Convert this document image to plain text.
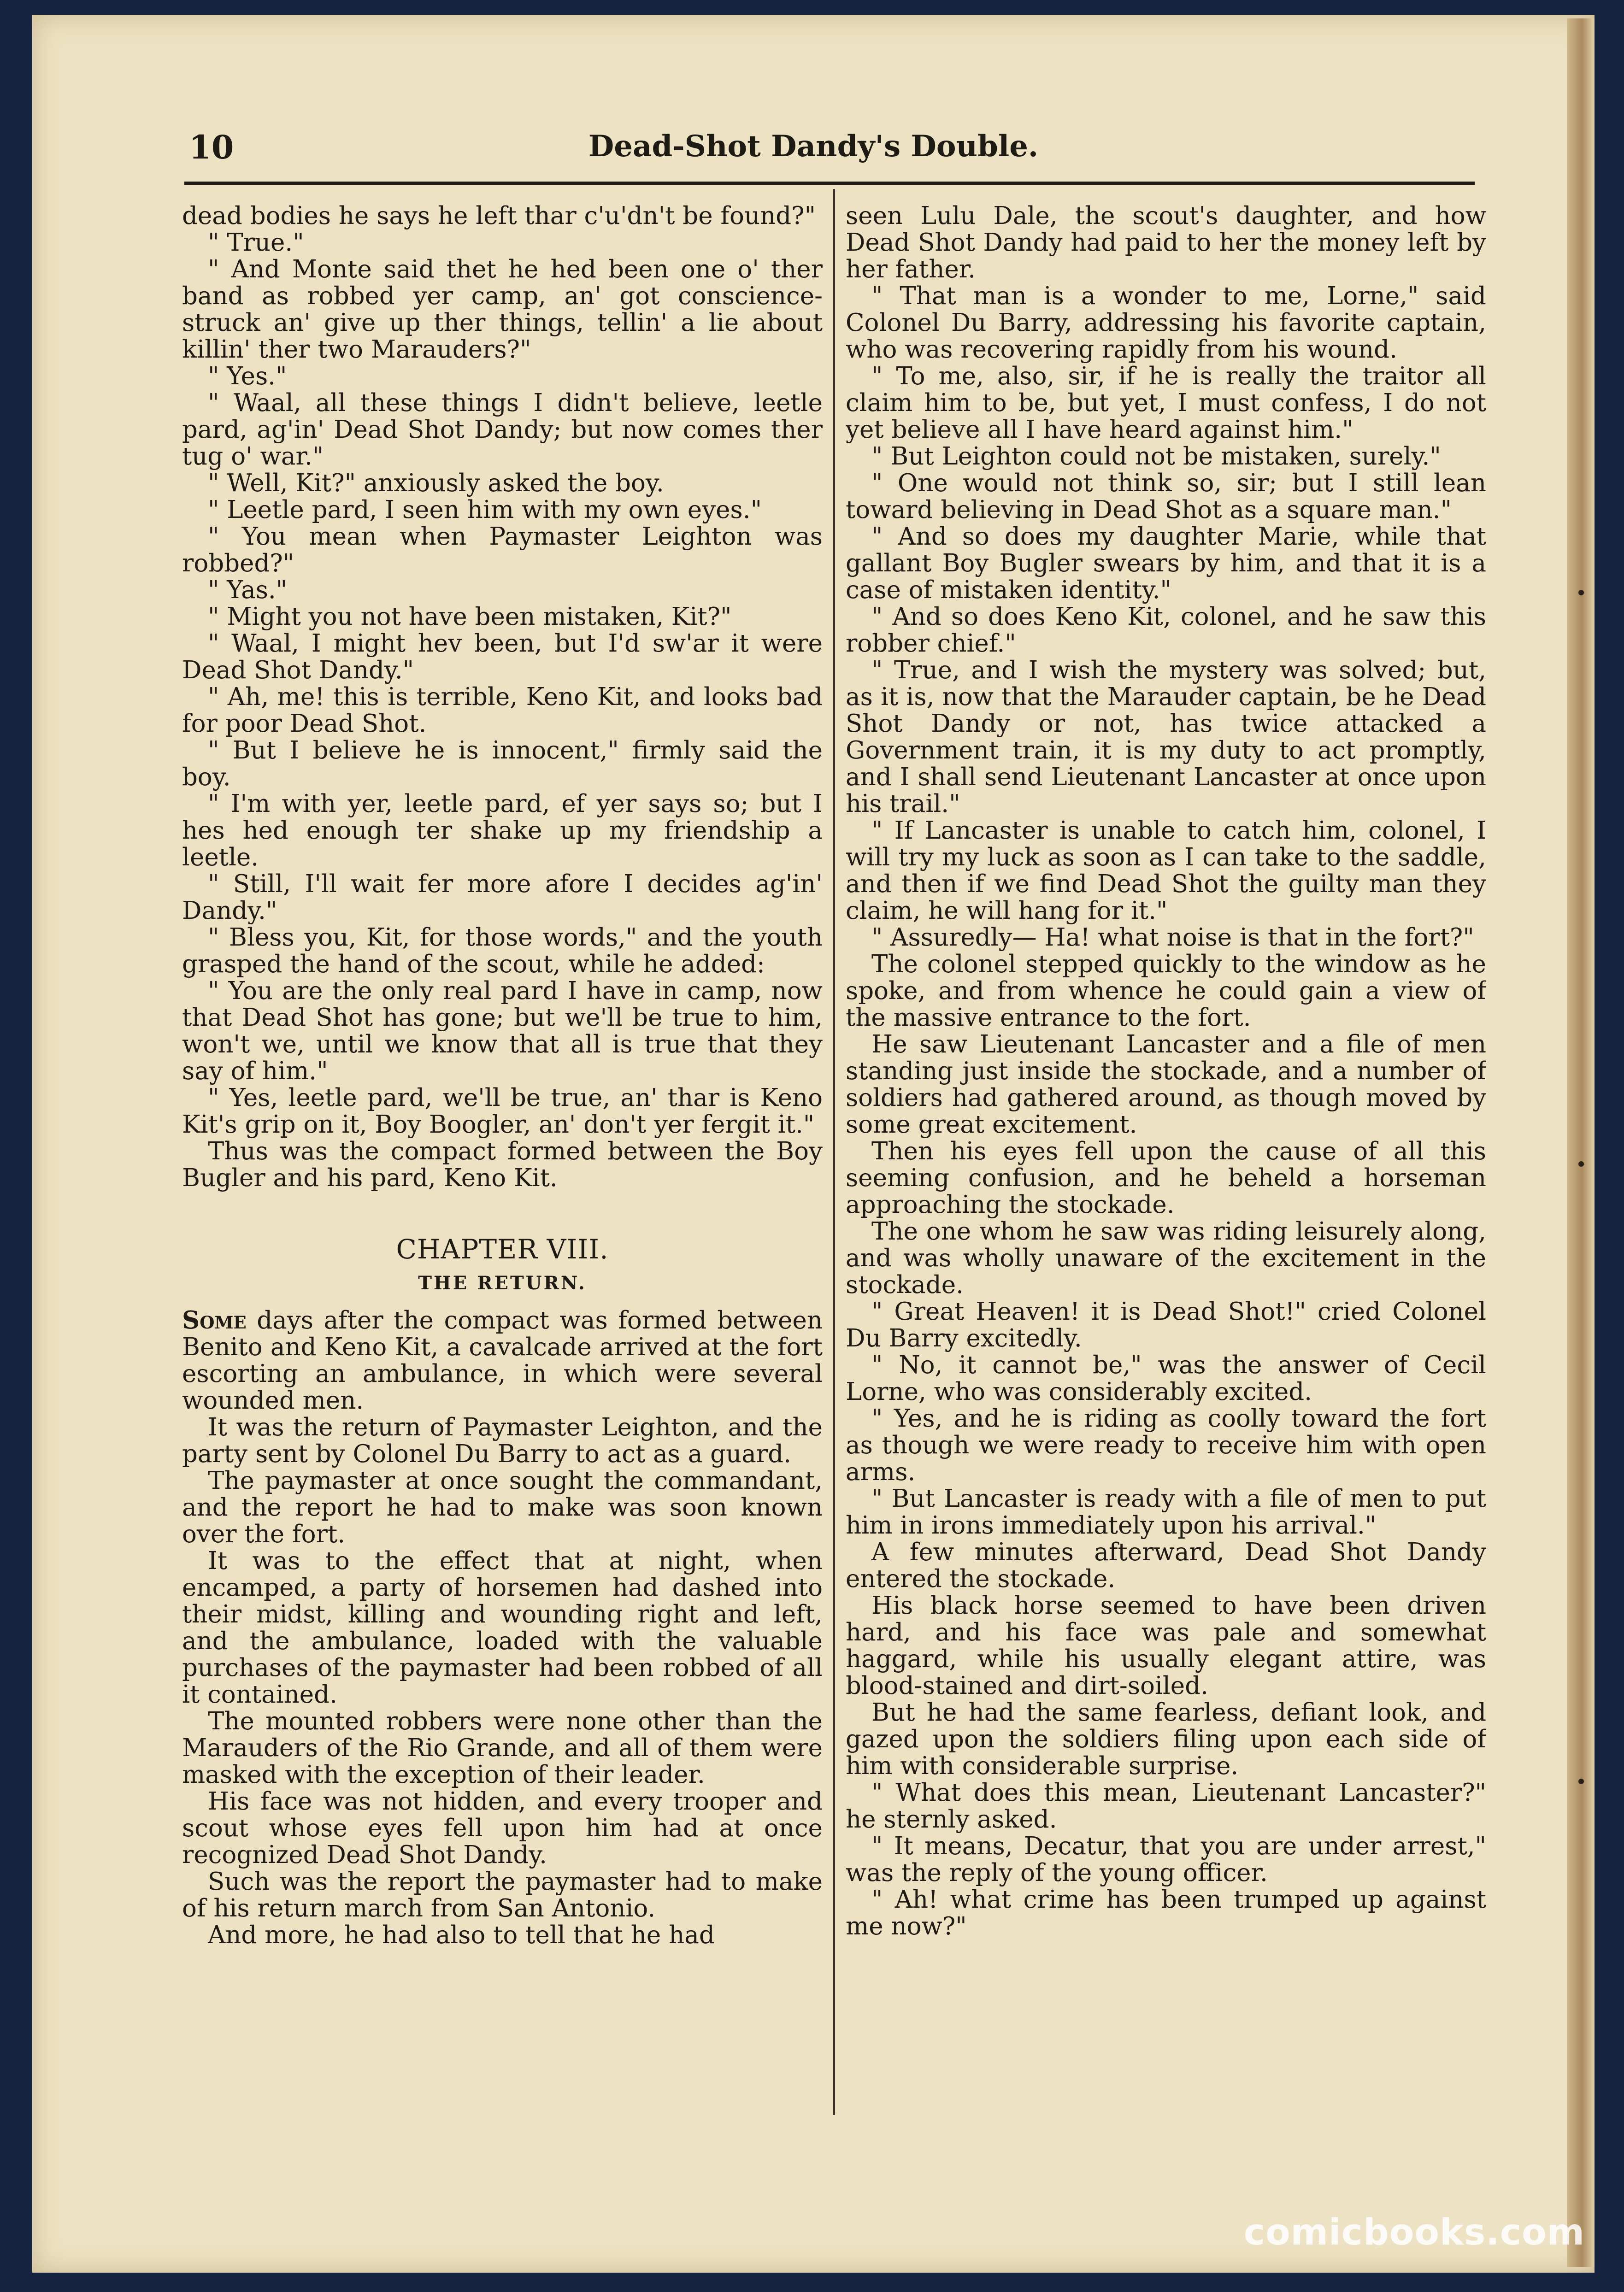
10	Dead-Shot Dandy's Double.

dead bodies he says he left thar c'u'dn't be found?"

" True."

" And Monte said thet he hed been one o' ther band as robbed yer camp, an' got conscience-struck an' give up ther things, tellin' a lie about killin' ther two Marauders?"

" Yes."

" Waal, all these things I didn't believe, leetle pard, ag'in' Dead Shot Dandy; but now comes ther tug o' war."

" Well, Kit?" anxiously asked the boy.

" Leetle pard, I seen him with my own eyes."

" You mean when Paymaster Leighton was robbed?"

" Yas."

" Might you not have been mistaken, Kit?"

" Waal, I might hev been, but I'd sw'ar it were Dead Shot Dandy."

" Ah, me! this is terrible, Keno Kit, and looks bad for poor Dead Shot.

" But I believe he is innocent," firmly said the boy.

" I'm with yer, leetle pard, ef yer says so; but I hes hed enough ter shake up my friendship a leetle.

" Still, I'll wait fer more afore I decides ag'in' Dandy."

" Bless you, Kit, for those words," and the youth grasped the hand of the scout, while he added:

" You are the only real pard I have in camp, now that Dead Shot has gone; but we'll be true to him, won't we, until we know that all is true that they say of him."

" Yes, leetle pard, we'll be true, an' thar is Keno Kit's grip on it, Boy Boogler, an' don't yer fergit it."

Thus was the compact formed between the Boy Bugler and his pard, Keno Kit.

CHAPTER VIII.
THE RETURN.

Some days after the compact was formed between Benito and Keno Kit, a cavalcade arrived at the fort escorting an ambulance, in which were several wounded men.

It was the return of Paymaster Leighton, and the party sent by Colonel Du Barry to act as a guard.

The paymaster at once sought the commandant, and the report he had to make was soon known over the fort.

It was to the effect that at night, when encamped, a party of horsemen had dashed into their midst, killing and wounding right and left, and the ambulance, loaded with the valuable purchases of the paymaster had been robbed of all it contained.

The mounted robbers were none other than the Marauders of the Rio Grande, and all of them were masked with the exception of their leader.

His face was not hidden, and every trooper and scout whose eyes fell upon him had at once recognized Dead Shot Dandy.

Such was the report the paymaster had to make of his return march from San Antonio.

And more, he had also to tell that he had

seen Lulu Dale, the scout's daughter, and how Dead Shot Dandy had paid to her the money left by her father.

" That man is a wonder to me, Lorne," said Colonel Du Barry, addressing his favorite captain, who was recovering rapidly from his wound.

" To me, also, sir, if he is really the traitor all claim him to be, but yet, I must confess, I do not yet believe all I have heard against him."

" But Leighton could not be mistaken, surely."

" One would not think so, sir; but I still lean toward believing in Dead Shot as a square man."

" And so does my daughter Marie, while that gallant Boy Bugler swears by him, and that it is a case of mistaken identity."

" And so does Keno Kit, colonel, and he saw this robber chief."

" True, and I wish the mystery was solved; but, as it is, now that the Marauder captain, be he Dead Shot Dandy or not, has twice attacked a Government train, it is my duty to act promptly, and I shall send Lieutenant Lancaster at once upon his trail."

" If Lancaster is unable to catch him, colonel, I will try my luck as soon as I can take to the saddle, and then if we find Dead Shot the guilty man they claim, he will hang for it."

" Assuredly— Ha! what noise is that in the fort?"

The colonel stepped quickly to the window as he spoke, and from whence he could gain a view of the massive entrance to the fort.

He saw Lieutenant Lancaster and a file of men standing just inside the stockade, and a number of soldiers had gathered around, as though moved by some great excitement.

Then his eyes fell upon the cause of all this seeming confusion, and he beheld a horseman approaching the stockade.

The one whom he saw was riding leisurely along, and was wholly unaware of the excitement in the stockade.

" Great Heaven! it is Dead Shot!" cried Colonel Du Barry excitedly.

" No, it cannot be," was the answer of Cecil Lorne, who was considerably excited.

" Yes, and he is riding as coolly toward the fort as though we were ready to receive him with open arms.

" But Lancaster is ready with a file of men to put him in irons immediately upon his arrival."

A few minutes afterward, Dead Shot Dandy entered the stockade.

His black horse seemed to have been driven hard, and his face was pale and somewhat haggard, while his usually elegant attire, was blood-stained and dirt-soiled.

But he had the same fearless, defiant look, and gazed upon the soldiers filing upon each side of him with considerable surprise.

" What does this mean, Lieutenant Lancaster?" he sternly asked.

" It means, Decatur, that you are under arrest," was the reply of the young officer.

" Ah! what crime has been trumped up against me now?"

comicbooks.com
